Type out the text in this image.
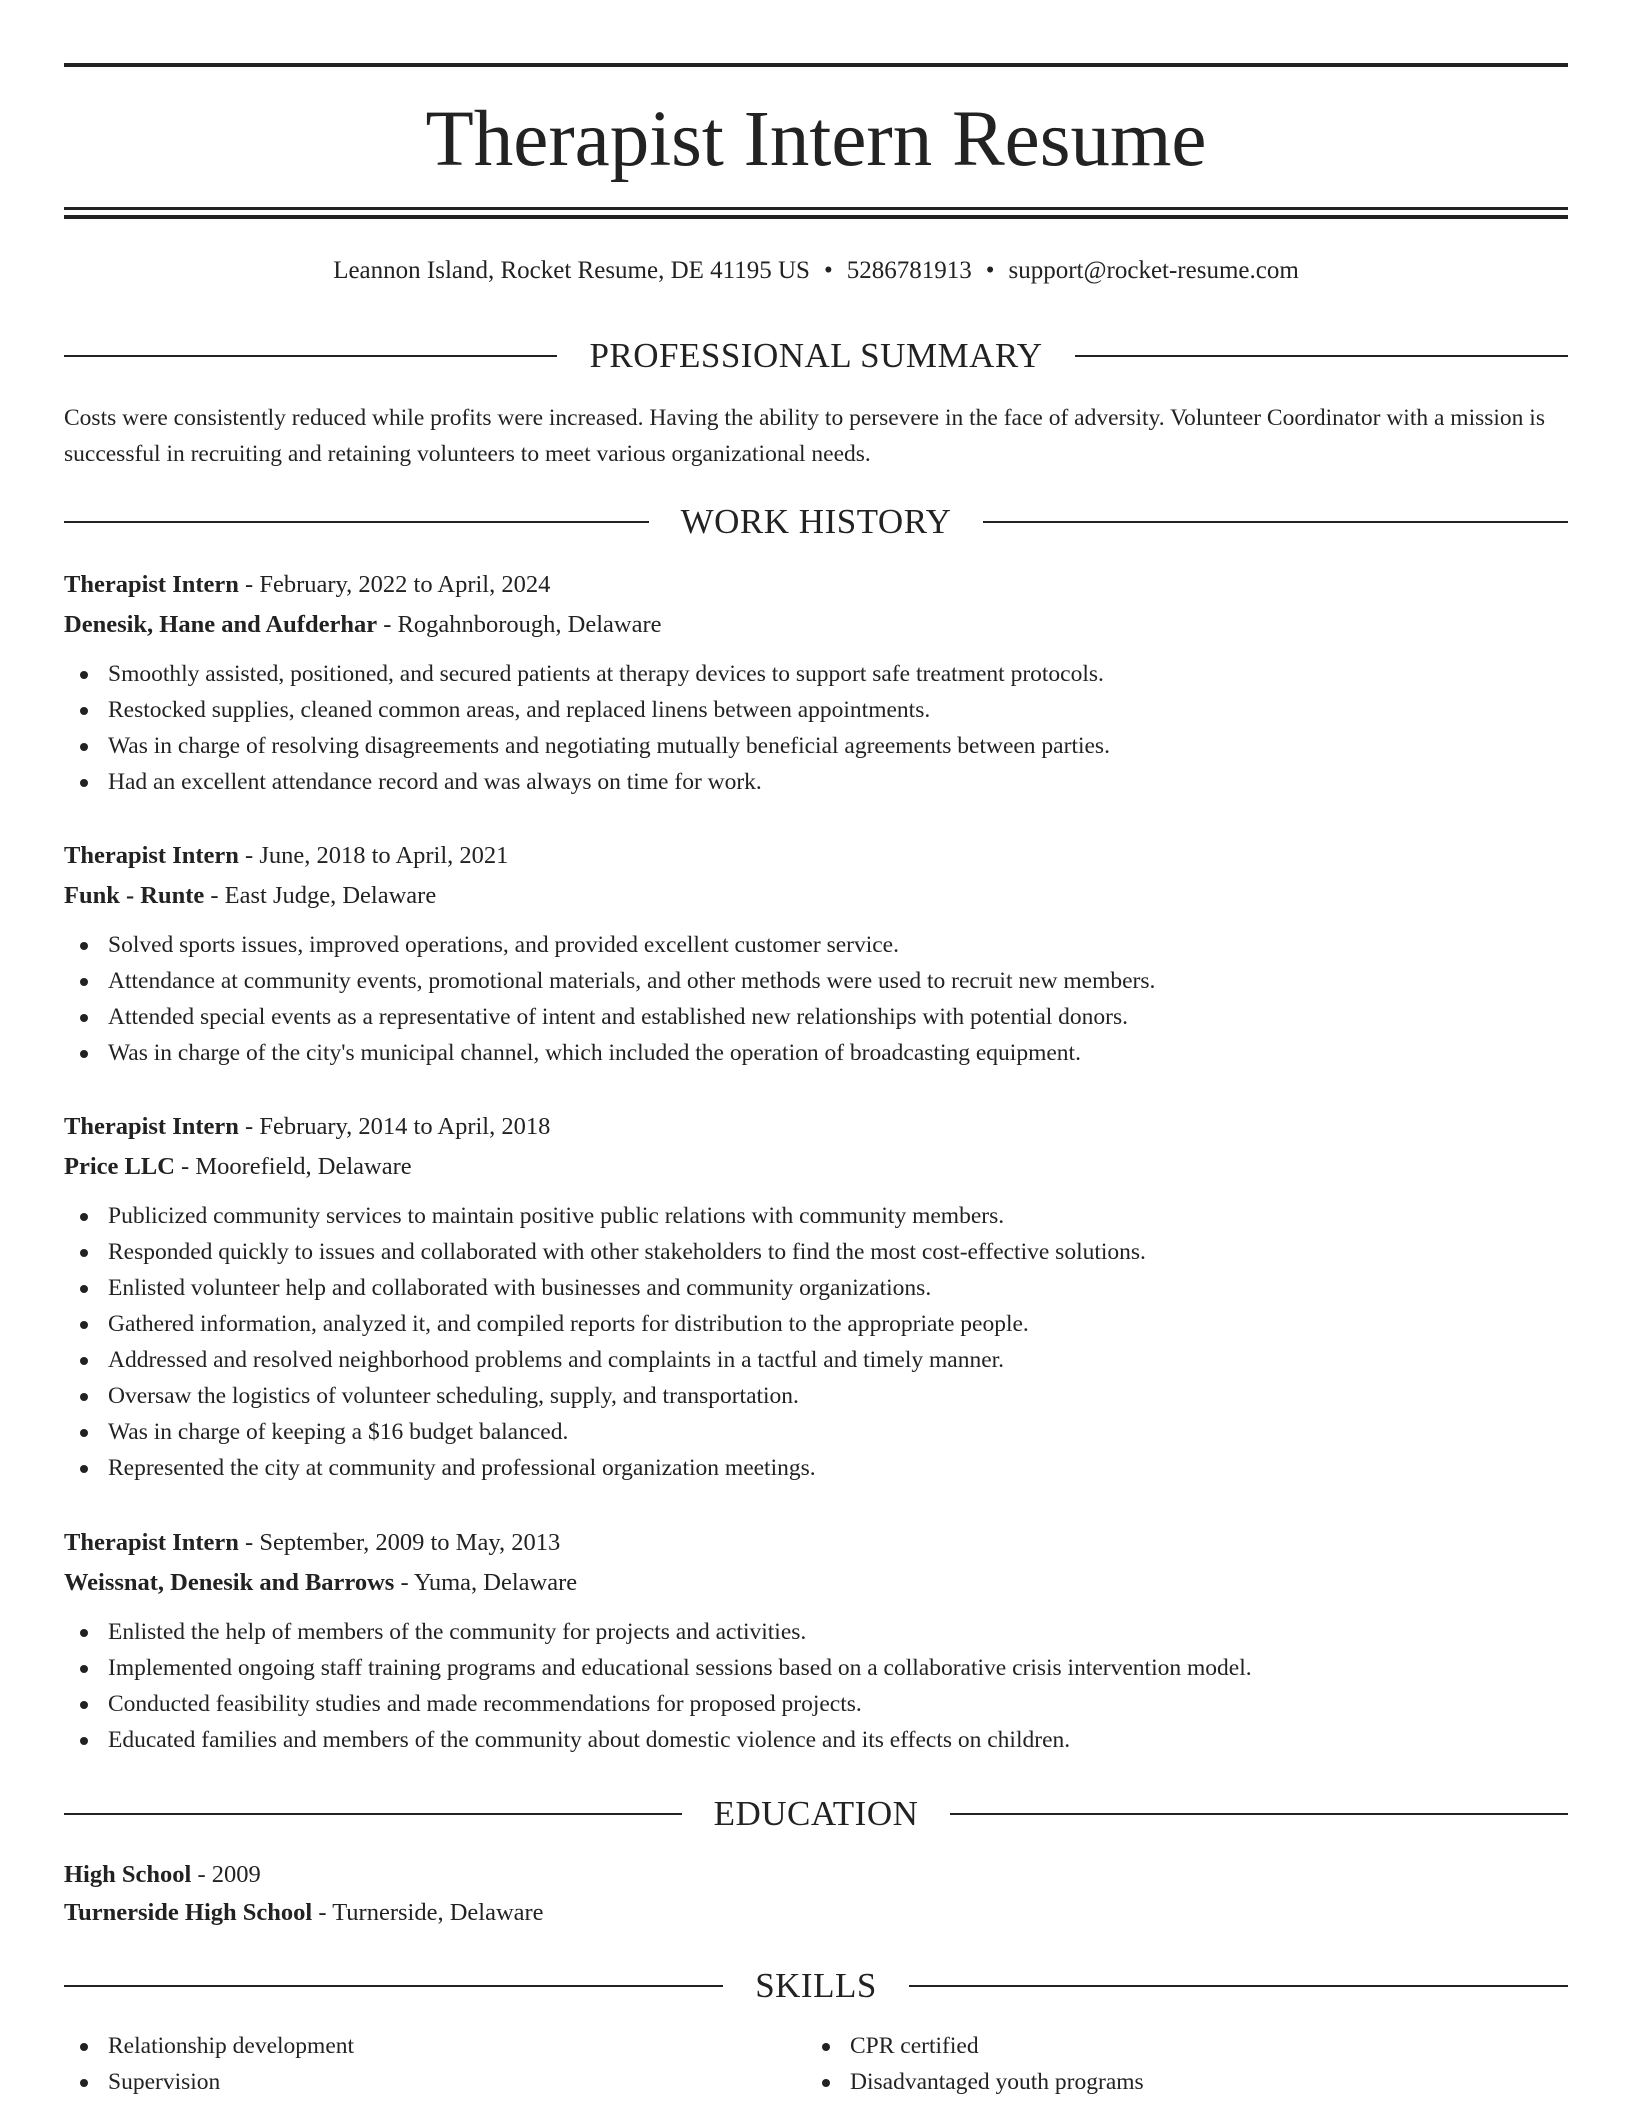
Therapist Intern Resume
Leannon Island, Rocket Resume, DE 41195 US • 5286781913 • support@rocket-resume.com
PROFESSIONAL SUMMARY

Costs were consistently reduced while profits were increased. Having the ability to persevere in the face of adversity. Volunteer Coordinator with a mission is successful in recruiting and retaining volunteers to meet various organizational needs.

WORK HISTORY
Therapist Intern - February, 2022 to April, 2024
Denesik, Hane and Aufderhar - Rogahnborough, Delaware
Smoothly assisted, positioned, and secured patients at therapy devices to support safe treatment protocols.
Restocked supplies, cleaned common areas, and replaced linens between appointments.
Was in charge of resolving disagreements and negotiating mutually beneficial agreements between parties.
Had an excellent attendance record and was always on time for work.
Therapist Intern - June, 2018 to April, 2021
Funk - Runte - East Judge, Delaware
Solved sports issues, improved operations, and provided excellent customer service.
Attendance at community events, promotional materials, and other methods were used to recruit new members.
Attended special events as a representative of intent and established new relationships with potential donors.
Was in charge of the city's municipal channel, which included the operation of broadcasting equipment.
Therapist Intern - February, 2014 to April, 2018
Price LLC - Moorefield, Delaware
Publicized community services to maintain positive public relations with community members.
Responded quickly to issues and collaborated with other stakeholders to find the most cost-effective solutions.
Enlisted volunteer help and collaborated with businesses and community organizations.
Gathered information, analyzed it, and compiled reports for distribution to the appropriate people.
Addressed and resolved neighborhood problems and complaints in a tactful and timely manner.
Oversaw the logistics of volunteer scheduling, supply, and transportation.
Was in charge of keeping a $16 budget balanced.
Represented the city at community and professional organization meetings.
Therapist Intern - September, 2009 to May, 2013
Weissnat, Denesik and Barrows - Yuma, Delaware
Enlisted the help of members of the community for projects and activities.
Implemented ongoing staff training programs and educational sessions based on a collaborative crisis intervention model.
Conducted feasibility studies and made recommendations for proposed projects.
Educated families and members of the community about domestic violence and its effects on children.
EDUCATION
High School - 2009
Turnerside High School - Turnerside, Delaware
SKILLS
Relationship development
Supervision
CPR certified
Disadvantaged youth programs
